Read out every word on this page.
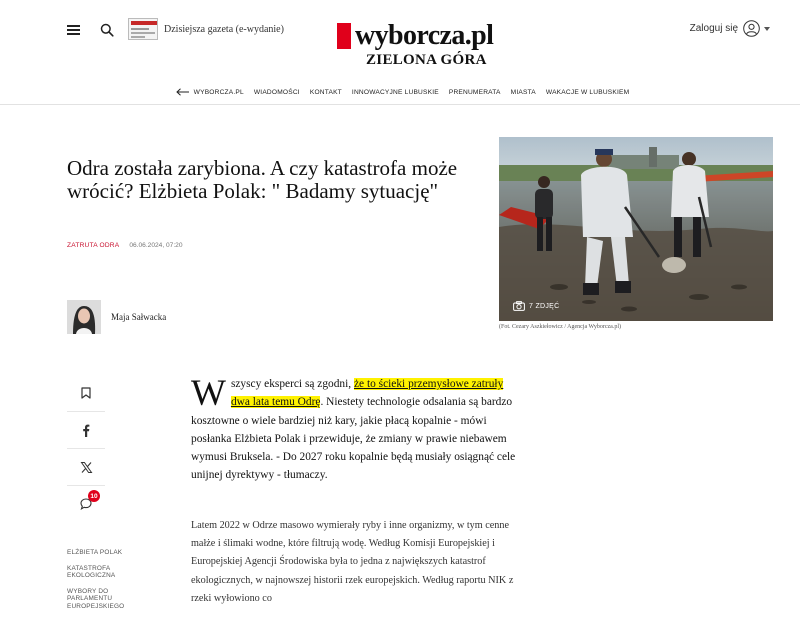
Dzisiejsza gazeta (e-wydanie)	wyborcza.pl
ZIELONA GÓRA
Zaloguj się
WYBORCZA.PL WIADOMOŚCI KONTAKT INNOWACYJNE LUBUSKIE PRENUMERATA MIASTA WAKACJE W LUBUSKIEM
Odra została zarybiona. A czy katastrofa może wrócić? Elżbieta Polak: " Badamy sytuację"
ZATRUTA ODRA 06.06.2024, 07:20
Maja Sałwacka
7 ZDJĘĆ
(Fot. Cezary Aszkiełowicz / Agencja Wyborcza.pl)
10
ELŻBIETA POLAK
KATASTROFA EKOLOGICZNA
WYBORY DO PARLAMENTU EUROPEJSKIEGO
W szyscy eksperci są zgodni, że to ścieki przemysłowe zatruły dwa lata temu Odrę. Niestety technologie odsalania są bardzo kosztowne o wiele bardziej niż kary, jakie płacą kopalnie - mówi posłanka Elżbieta Polak i przewiduje, że zmiany w prawie niebawem wymusi Bruksela. - Do 2027 roku kopalnie będą musiały osiągnąć cele unijnej dyrektywy - tłumaczy.

Latem 2022 w Odrze masowo wymierały ryby i inne organizmy, w tym cenne małże i ślimaki wodne, które filtrują wodę. Według Komisji Europejskiej i Europejskiej Agencji Środowiska była to jedna z największych katastrof ekologicznych, w najnowszej historii rzek europejskich. Według raportu NIK z rzeki wyłowiono co
